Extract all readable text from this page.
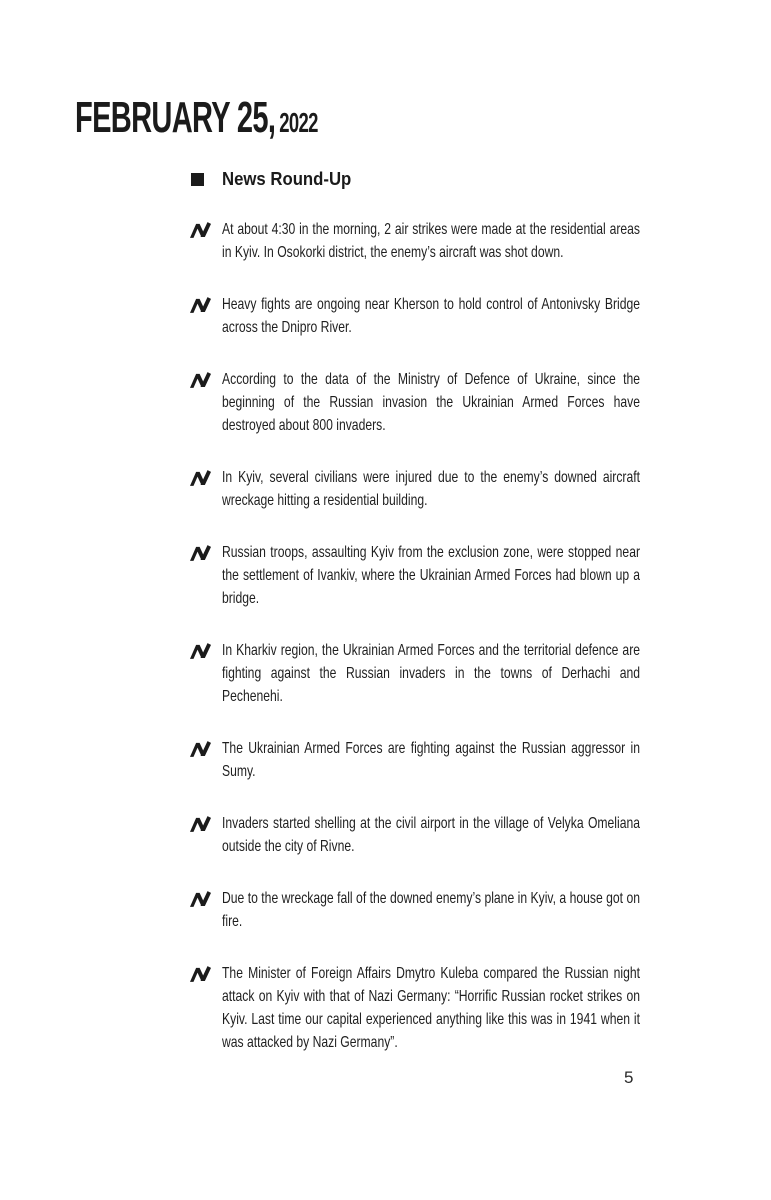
FEBRUARY 25, 2022
News Round-Up

At about 4:30 in the morning, 2 air strikes were made at the residential areas in Kyiv. In Osokorki district, the enemy’s aircraft was shot down.

Heavy fights are ongoing near Kherson to hold control of Antonivsky Bridge across the Dnipro River.

According to the data of the Ministry of Defence of Ukraine, since the beginning of the Russian invasion the Ukrainian Armed Forces have destroyed about 800 invaders.

In Kyiv, several civilians were injured due to the enemy’s downed aircraft wreckage hitting a residential building.

Russian troops, assaulting Kyiv from the exclusion zone, were stopped near the settlement of Ivankiv, where the Ukrainian Armed Forces had blown up a bridge.

In Kharkiv region, the Ukrainian Armed Forces and the territorial defence are fighting against the Russian invaders in the towns of Derhachi and Pechenehi.

The Ukrainian Armed Forces are fighting against the Russian aggressor in Sumy.

Invaders started shelling at the civil airport in the village of Velyka Omeliana outside the city of Rivne.

Due to the wreckage fall of the downed enemy’s plane in Kyiv, a house got on fire.

The Minister of Foreign Affairs Dmytro Kuleba compared the Russian night attack on Kyiv with that of Nazi Germany: “Horrific Russian rocket strikes on Kyiv. Last time our capital experienced anything like this was in 1941 when it was attacked by Nazi Germany”.

5
